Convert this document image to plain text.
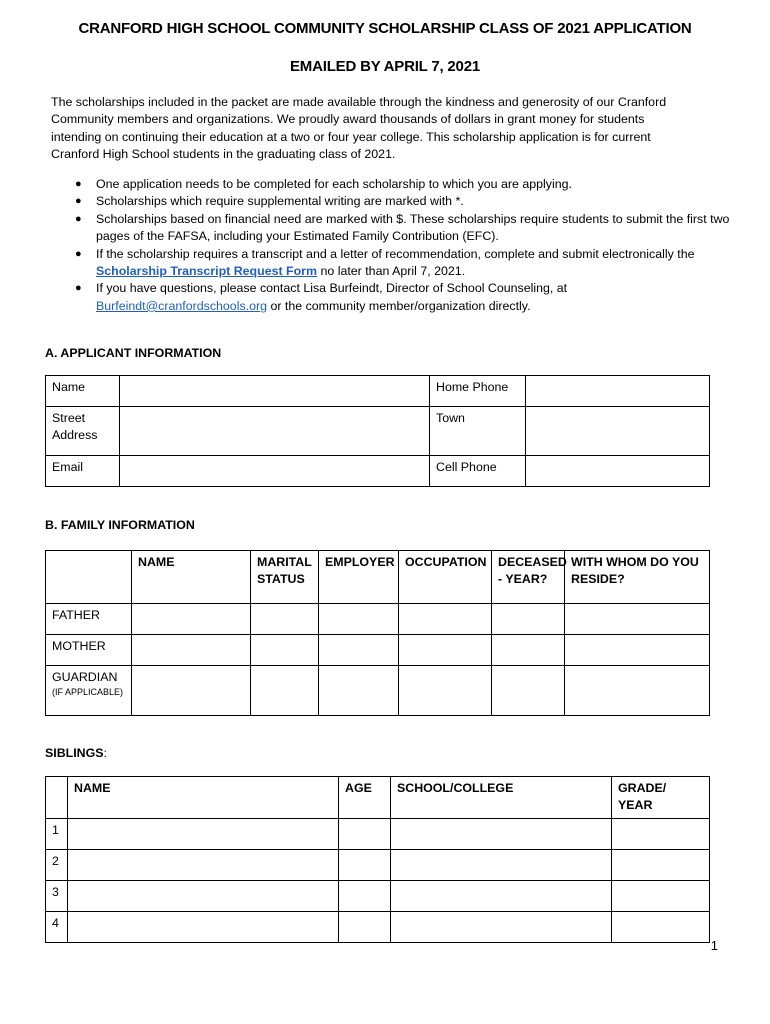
CRANFORD HIGH SCHOOL COMMUNITY SCHOLARSHIP CLASS OF 2021 APPLICATION
EMAILED BY APRIL 7, 2021
The scholarships included in the packet are made available through the kindness and generosity of our Cranford Community members and organizations. We proudly award thousands of dollars in grant money for students intending on continuing their education at a two or four year college. This scholarship application is for current Cranford High School students in the graduating class of 2021.
● One application needs to be completed for each scholarship to which you are applying.
● Scholarships which require supplemental writing are marked with *.
● Scholarships based on financial need are marked with $. These scholarships require students to submit the first two pages of the FAFSA, including your Estimated Family Contribution (EFC).
● If the scholarship requires a transcript and a letter of recommendation, complete and submit electronically the Scholarship Transcript Request Form no later than April 7, 2021.
● If you have questions, please contact Lisa Burfeindt, Director of School Counseling, at Burfeindt@cranfordschools.org or the community member/organization directly.
A. APPLICANT INFORMATION
Name		Home Phone	
Street Address		Town	
Email		Cell Phone	
B. FAMILY INFORMATION
	NAME	MARITAL STATUS	EMPLOYER	OCCUPATION	DECEASED - YEAR?	WITH WHOM DO YOU RESIDE?
FATHER						
MOTHER						
GUARDIAN
(IF APPLICABLE)						

SIBLINGS:
	NAME	AGE	SCHOOL/COLLEGE	GRADE/ YEAR
1				
2				
3				
4				
1
